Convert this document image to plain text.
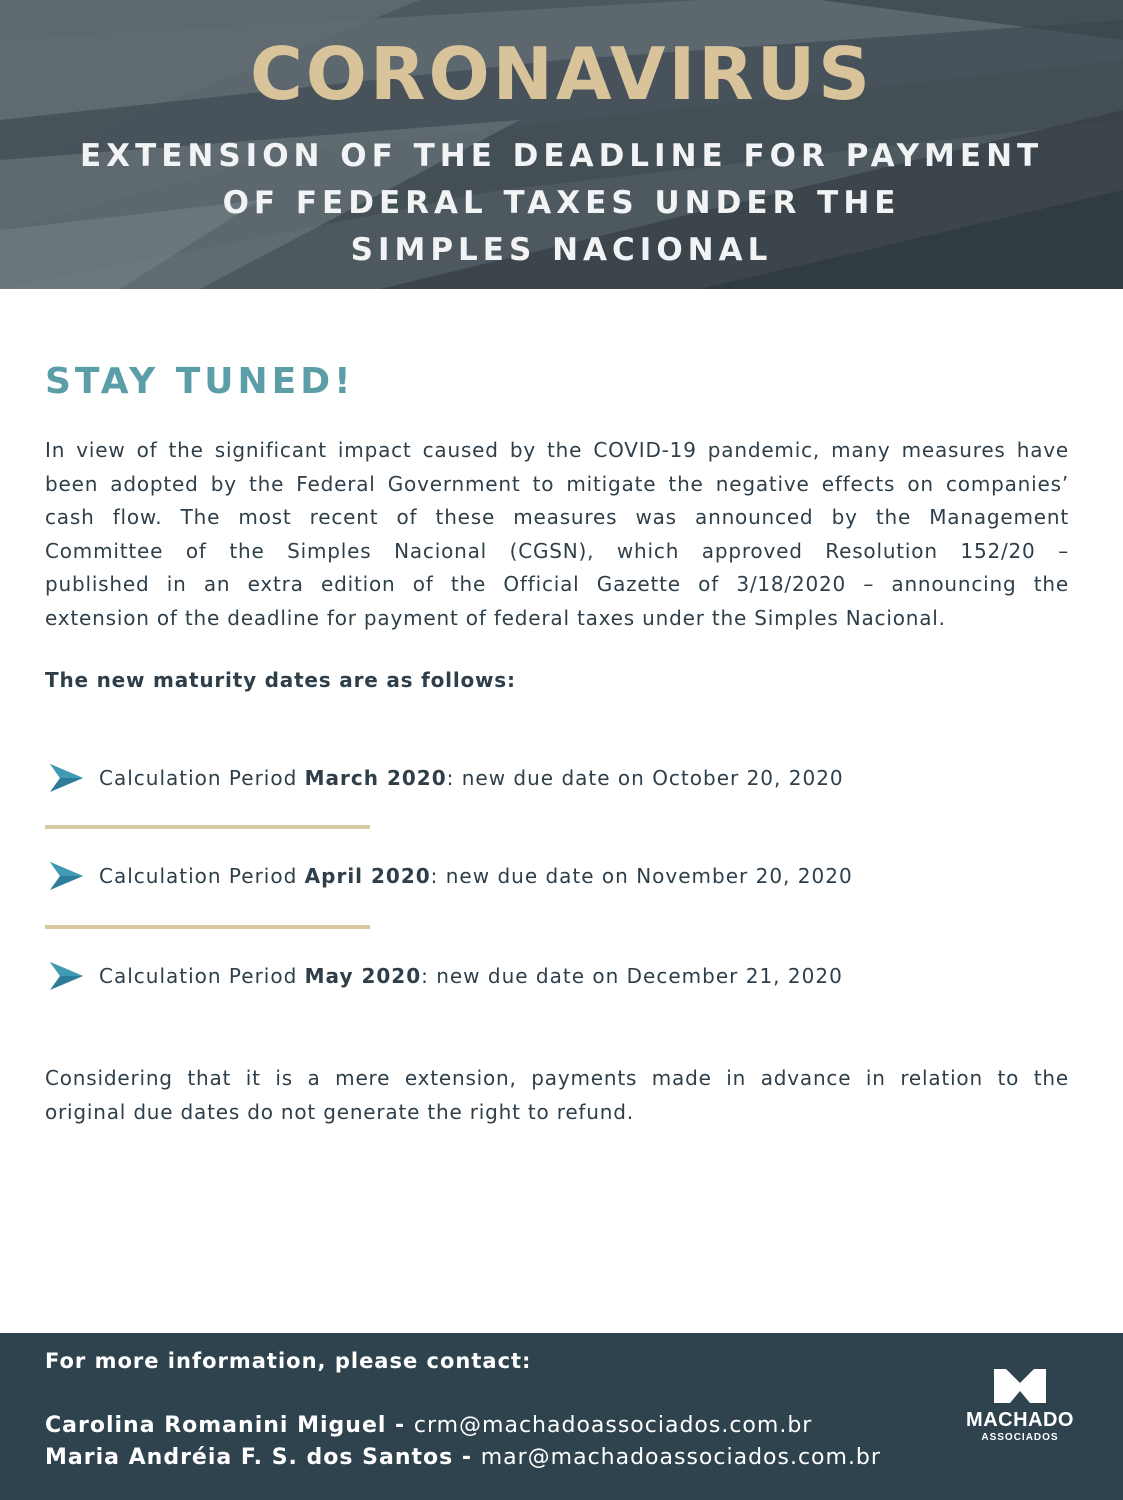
CORONAVIRUS
EXTENSION OF THE DEADLINE FOR PAYMENT
OF FEDERAL TAXES UNDER THE
SIMPLES NACIONAL
STAY TUNED!

In view of the significant impact caused by the COVID-19 pandemic, many measures have
been adopted by the Federal Government to mitigate the negative effects on companies’
cash flow. The most recent of these measures was announced by the Management
Committee of the Simples Nacional (CGSN), which approved Resolution 152/20 –
published in an extra edition of the Official Gazette of 3/18/2020 – announcing the
extension of the deadline for payment of federal taxes under the Simples Nacional.

The new maturity dates are as follows:

Calculation Period March 2020: new due date on October 20, 2020
Calculation Period April 2020: new due date on November 20, 2020
Calculation Period May 2020: new due date on December 21, 2020

Considering that it is a mere extension, payments made in advance in relation to the
original due dates do not generate the right to refund.

For more information, please contact:

Carolina Romanini Miguel - crm@machadoassociados.com.br

Maria Andréia F. S. dos Santos - mar@machadoassociados.com.br

MACHADO
ASSOCIADOS
